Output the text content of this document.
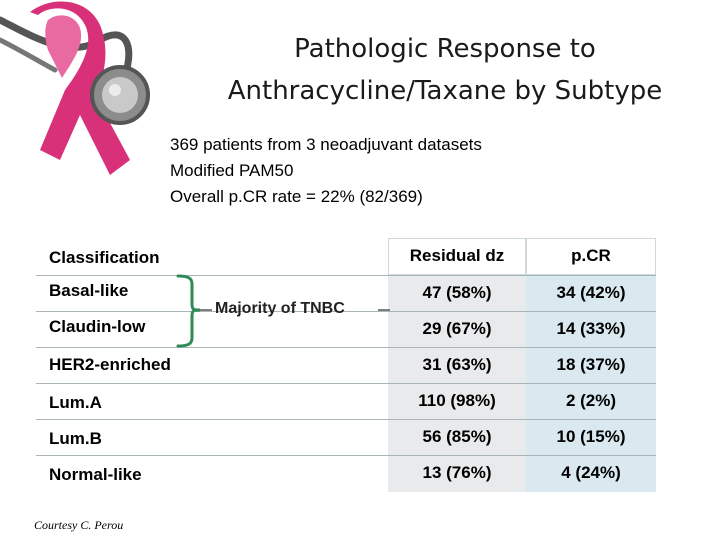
Pathologic Response to
Anthracycline/Taxane by Subtype
369 patients from 3 neoadjuvant datasets
Modified PAM50
Overall p.CR rate = 22% (82/369)
Classification	Residual dz	p.CR
Basal-like	47 (58%)	34 (42%)
Claudin-low	29 (67%)	14 (33%)
HER2-enriched	31 (63%)	18 (37%)
Lum.A	110 (98%)	2 (2%)
Lum.B	56 (85%)	10 (15%)
Normal-like	13 (76%)	4 (24%)
Majority of TNBC
Courtesy C. Perou
